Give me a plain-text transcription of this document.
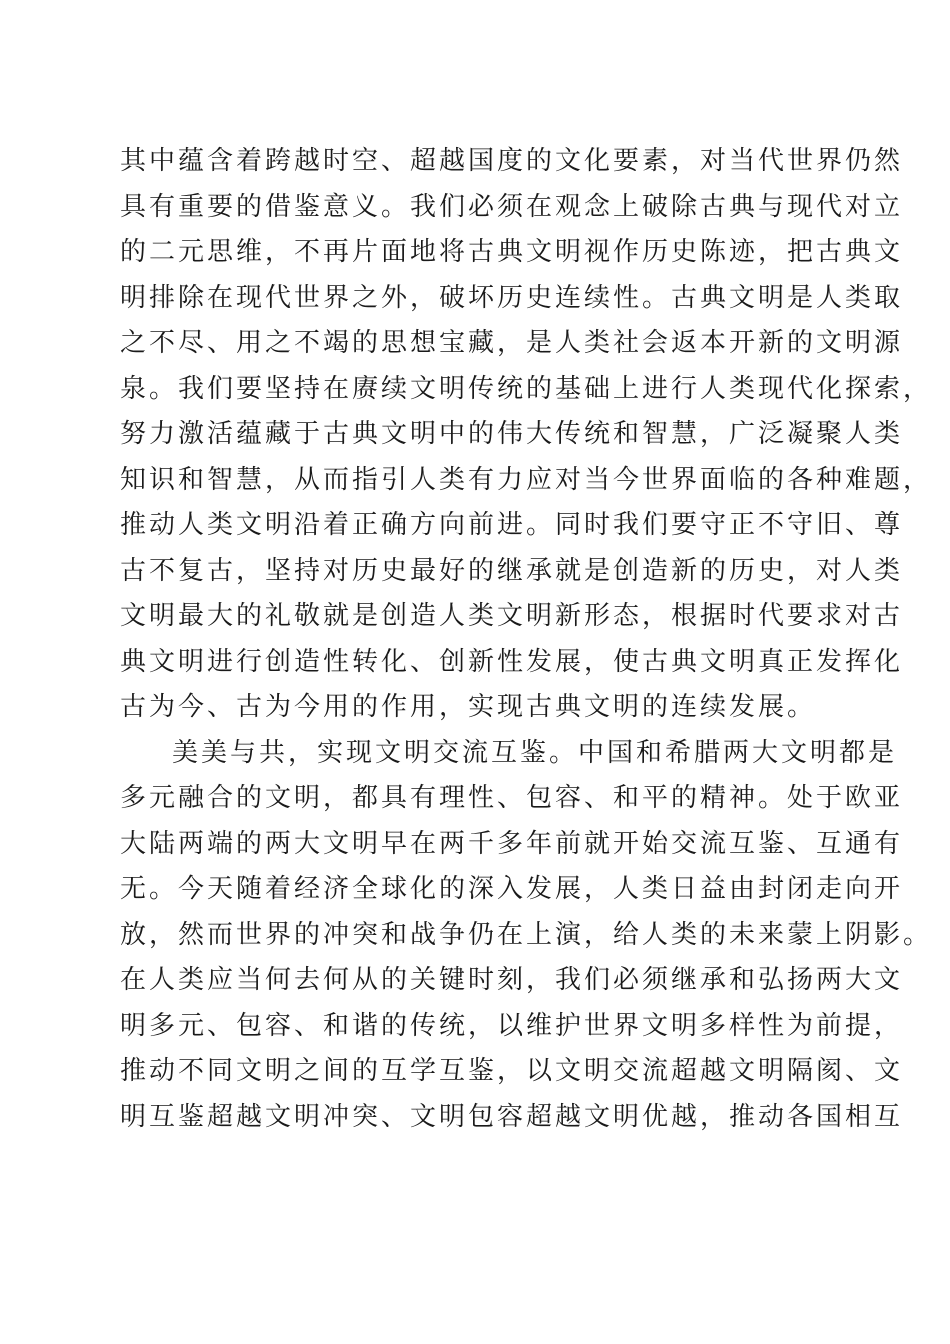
其中蕴含着跨越时空、超越国度的文化要素，对当代世界仍然
具有重要的借鉴意义。我们必须在观念上破除古典与现代对立
的二元思维，不再片面地将古典文明视作历史陈迹，把古典文
明排除在现代世界之外，破坏历史连续性。古典文明是人类取
之不尽、用之不竭的思想宝藏，是人类社会返本开新的文明源
泉。我们要坚持在赓续文明传统的基础上进行人类现代化探索，
努力激活蕴藏于古典文明中的伟大传统和智慧，广泛凝聚人类
知识和智慧，从而指引人类有力应对当今世界面临的各种难题，
推动人类文明沿着正确方向前进。同时我们要守正不守旧、尊
古不复古，坚持对历史最好的继承就是创造新的历史，对人类
文明最大的礼敬就是创造人类文明新形态，根据时代要求对古
典文明进行创造性转化、创新性发展，使古典文明真正发挥化
古为今、古为今用的作用，实现古典文明的连续发展。
美美与共，实现文明交流互鉴。中国和希腊两大文明都是
多元融合的文明，都具有理性、包容、和平的精神。处于欧亚
大陆两端的两大文明早在两千多年前就开始交流互鉴、互通有
无。今天随着经济全球化的深入发展，人类日益由封闭走向开
放，然而世界的冲突和战争仍在上演，给人类的未来蒙上阴影。
在人类应当何去何从的关键时刻，我们必须继承和弘扬两大文
明多元、包容、和谐的传统，以维护世界文明多样性为前提，
推动不同文明之间的互学互鉴，以文明交流超越文明隔阂、文
明互鉴超越文明冲突、文明包容超越文明优越，推动各国相互
